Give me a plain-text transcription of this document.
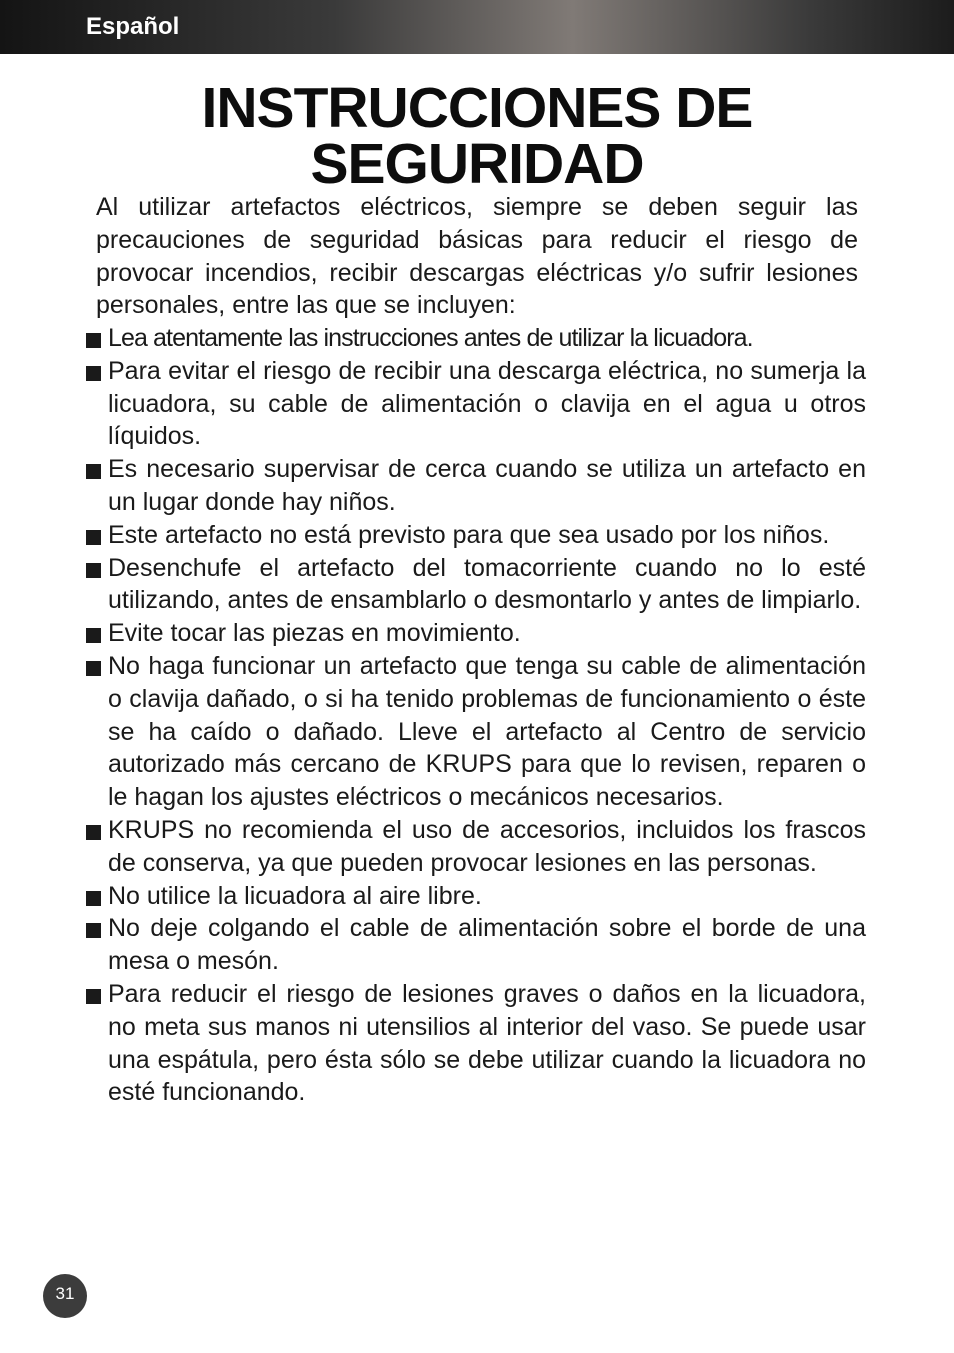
Español
INSTRUCCIONES DE
SEGURIDAD

Al utilizar artefactos eléctricos, siempre se deben seguir las precauciones de seguridad básicas para reducir el riesgo de provocar incendios, recibir descargas eléctricas y/o sufrir lesiones personales, entre las que se incluyen:

Lea atentamente las instrucciones antes de utilizar la licuadora.
Para evitar el riesgo de recibir una descarga eléctrica, no sumerja la licuadora, su cable de alimentación o clavija en el agua u otros líquidos.
Es necesario supervisar de cerca cuando se utiliza un artefacto en un lugar donde hay niños.
Este artefacto no está previsto para que sea usado por los niños.
Desenchufe el artefacto del tomacorriente cuando no lo esté utilizando, antes de ensamblarlo o desmontarlo y antes de limpiarlo.
Evite tocar las piezas en movimiento.
No haga funcionar un artefacto que tenga su cable de alimentación o clavija dañado, o si ha tenido problemas de funcionamiento o éste se ha caído o dañado. Lleve el artefacto al Centro de servicio autorizado más cercano de KRUPS para que lo revisen, reparen o le hagan los ajustes eléctricos o mecánicos necesarios.
KRUPS no recomienda el uso de accesorios, incluidos los frascos de conserva, ya que pueden provocar lesiones en las personas.
No utilice la licuadora al aire libre.
No deje colgando el cable de alimentación sobre el borde de una mesa o mesón.
Para reducir el riesgo de lesiones graves o daños en la licuadora, no meta sus manos ni utensilios al interior del vaso. Se puede usar una espátula, pero ésta sólo se debe utilizar cuando la licuadora no esté funcionando.
31
